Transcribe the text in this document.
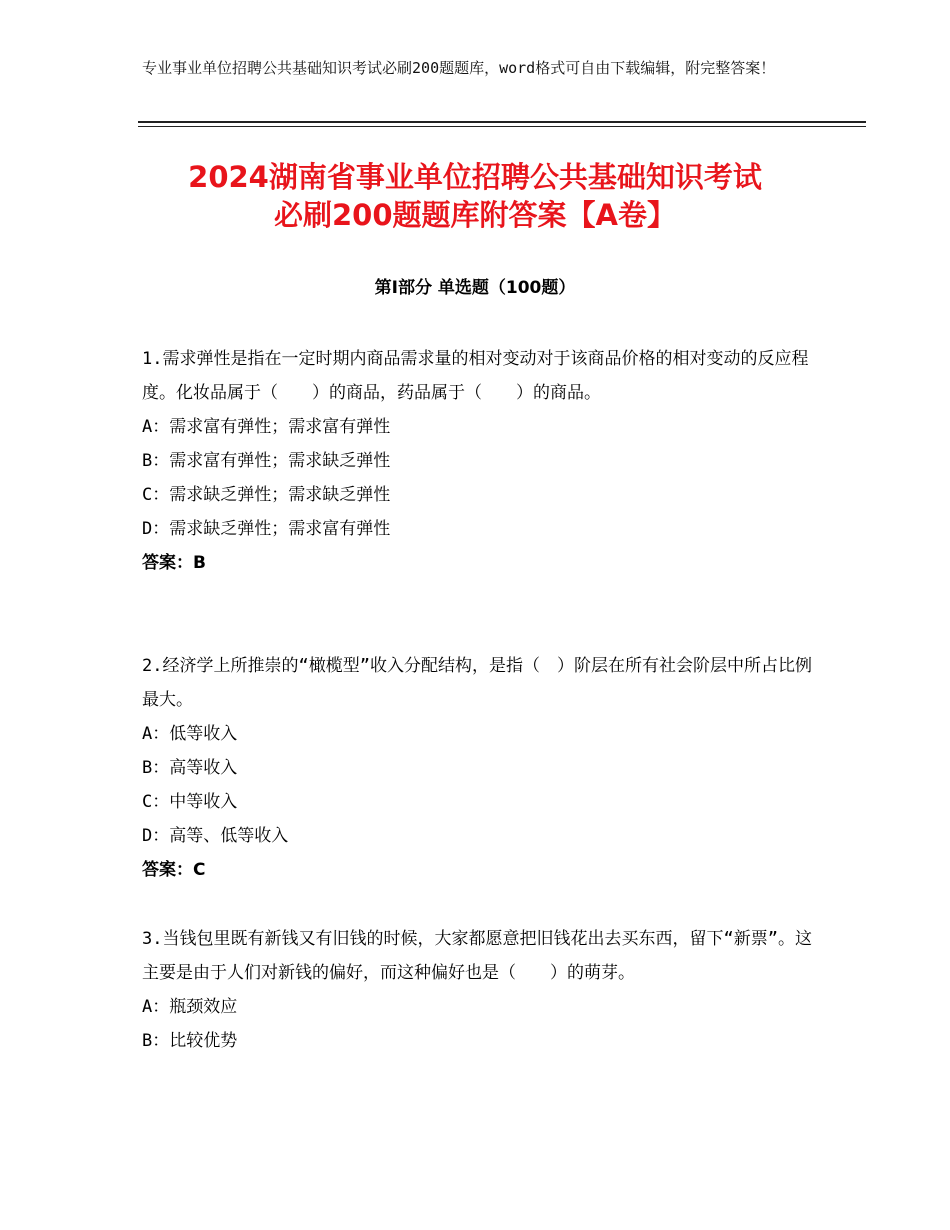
专业事业单位招聘公共基础知识考试必刷200题题库，word格式可自由下载编辑，附完整答案！
2024湖南省事业单位招聘公共基础知识考试
必刷200题题库附答案【A卷】
第Ⅰ部分 单选题（100题）

1.需求弹性是指在一定时期内商品需求量的相对变动对于该商品价格的相对变动的反应程度。化妆品属于（　　）的商品，药品属于（　　）的商品。

A：需求富有弹性；需求富有弹性

B：需求富有弹性；需求缺乏弹性

C：需求缺乏弹性；需求缺乏弹性

D：需求缺乏弹性；需求富有弹性

答案：B

2.经济学上所推崇的“橄榄型”收入分配结构，是指（　）阶层在所有社会阶层中所占比例最大。

A：低等收入

B：高等收入

C：中等收入

D：高等、低等收入

答案：C

3.当钱包里既有新钱又有旧钱的时候，大家都愿意把旧钱花出去买东西，留下“新票”。这主要是由于人们对新钱的偏好，而这种偏好也是（　　）的萌芽。

A：瓶颈效应

B：比较优势
